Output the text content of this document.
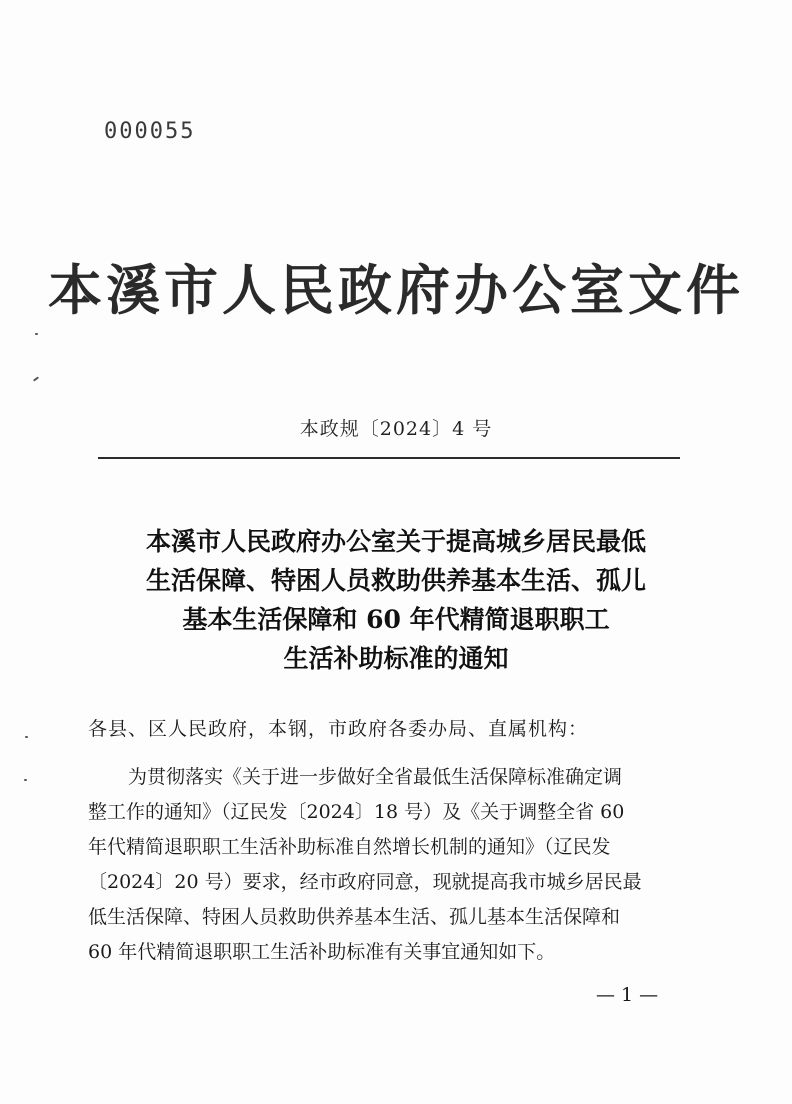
000055
本溪市人民政府办公室文件
本政规〔2024〕4 号
本溪市人民政府办公室关于提高城乡居民最低
生活保障、特困人员救助供养基本生活、孤儿
基本生活保障和 60 年代精简退职职工
生活补助标准的通知
各县、区人民政府，本钢，市政府各委办局、直属机构：
为贯彻落实《关于进一步做好全省最低生活保障标准确定调
整工作的通知》（辽民发〔2024〕18 号）及《关于调整全省 60
年代精简退职职工生活补助标准自然增长机制的通知》（辽民发
〔2024〕20 号）要求，经市政府同意，现就提高我市城乡居民最
低生活保障、特困人员救助供养基本生活、孤儿基本生活保障和
60 年代精简退职职工生活补助标准有关事宜通知如下。
— 1 —
